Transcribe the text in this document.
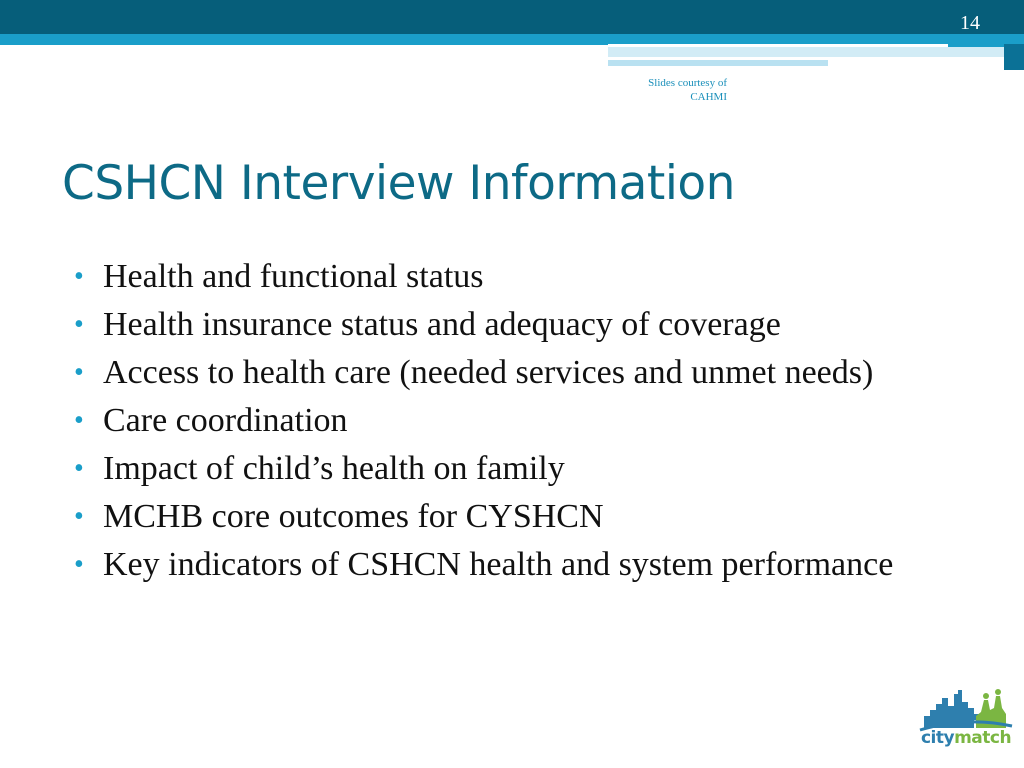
14
Slides courtesy of
CAHMI
CSHCN Interview Information
• Health and functional status
• Health insurance status and adequacy of coverage
• Access to health care (needed services and unmet needs)
• Care coordination
• Impact of child’s health on family
• MCHB core outcomes for CYSHCN
• Key indicators of CSHCN health and system performance
citymatch
